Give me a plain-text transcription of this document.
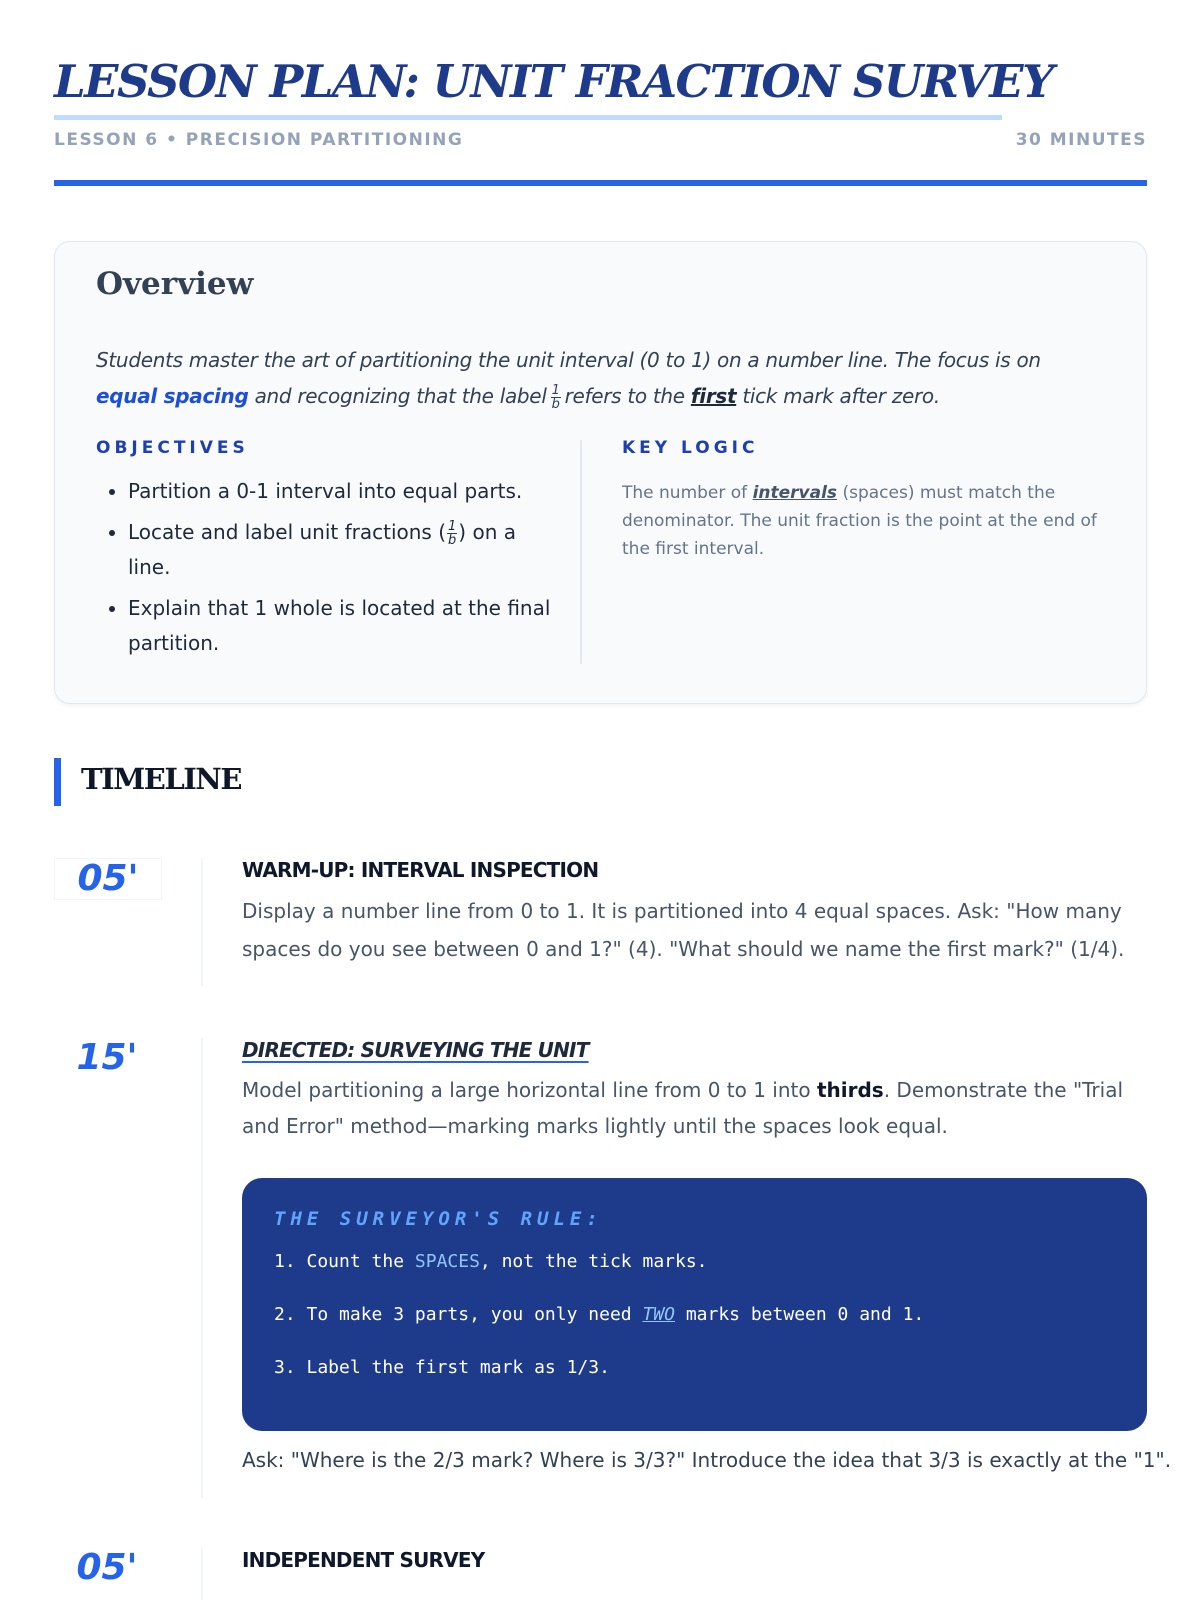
LESSON PLAN: UNIT FRACTION SURVEY
LESSON 6 • PRECISION PARTITIONING	30 MINUTES
Overview

Students master the art of partitioning the unit interval (0 to 1) on a number line. The focus is on equal spacing and recognizing that the label $\frac{1}{b}$ refers to the first tick mark after zero.

OBJECTIVES
• Partition a 0-1 interval into equal parts.
• Locate and label unit fractions ( $\frac{1}{b}$ ) on a line.
• Explain that 1 whole is located at the final partition.
KEY LOGIC

The number of intervals (spaces) must match the denominator. The unit fraction is the point at the end of the first interval.

TIMELINE
05'	WARM-UP: INTERVAL INSPECTION

Display a number line from 0 to 1. It is partitioned into 4 equal spaces. Ask: "How many spaces do you see between 0 and 1?" (4). "What should we name the first mark?" (1/4).

15'	DIRECTED: SURVEYING THE UNIT

Model partitioning a large horizontal line from 0 to 1 into thirds. Demonstrate the "Trial and Error" method—marking marks lightly until the spaces look equal.

THE SURVEYOR'S RULE:

1. Count the SPACES, not the tick marks.

2. To make 3 parts, you only need TWO marks between 0 and 1.

3. Label the first mark as 1/3.

Ask: "Where is the 2/3 mark? Where is 3/3?" Introduce the idea that 3/3 is exactly at the "1".

05'	INDEPENDENT SURVEY
